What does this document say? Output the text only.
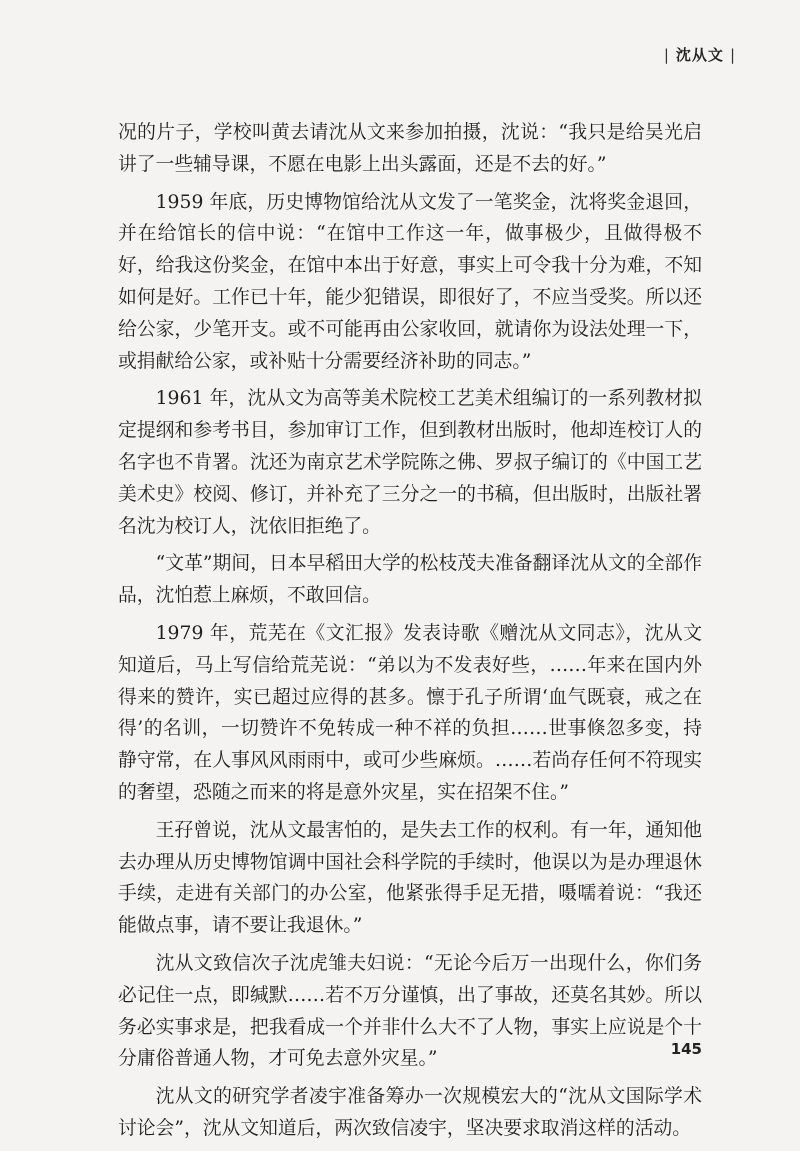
| 沈从文 |

况的片子，学校叫黄去请沈从文来参加拍摄，沈说：“我只是给吴光启讲了一些辅导课，不愿在电影上出头露面，还是不去的好。”

1959 年底，历史博物馆给沈从文发了一笔奖金，沈将奖金退回，并在给馆长的信中说：“在馆中工作这一年，做事极少，且做得极不好，给我这份奖金，在馆中本出于好意，事实上可令我十分为难，不知如何是好。工作已十年，能少犯错误，即很好了，不应当受奖。所以还给公家，少笔开支。或不可能再由公家收回，就请你为设法处理一下，或捐献给公家，或补贴十分需要经济补助的同志。”

1961 年，沈从文为高等美术院校工艺美术组编订的一系列教材拟定提纲和参考书目，参加审订工作，但到教材出版时，他却连校订人的名字也不肯署。沈还为南京艺术学院陈之佛、罗叔子编订的《中国工艺美术史》校阅、修订，并补充了三分之一的书稿，但出版时，出版社署名沈为校订人，沈依旧拒绝了。

“文革”期间，日本早稻田大学的松枝茂夫准备翻译沈从文的全部作品，沈怕惹上麻烦，不敢回信。

1979 年，荒芜在《文汇报》发表诗歌《赠沈从文同志》，沈从文知道后，马上写信给荒芜说：“弟以为不发表好些，……年来在国内外得来的赞许，实已超过应得的甚多。懔于孔子所谓‘血气既衰，戒之在得’的名训，一切赞许不免转成一种不祥的负担……世事倏忽多变，持静守常，在人事风风雨雨中，或可少些麻烦。……若尚存任何不符现实的奢望，恐随之而来的将是意外灾星，实在招架不住。”

王孖曾说，沈从文最害怕的，是失去工作的权利。有一年，通知他去办理从历史博物馆调中国社会科学院的手续时，他误以为是办理退休手续，走进有关部门的办公室，他紧张得手足无措，嗫嚅着说：“我还能做点事，请不要让我退休。”

沈从文致信次子沈虎雏夫妇说：“无论今后万一出现什么，你们务必记住一点，即缄默……若不万分谨慎，出了事故，还莫名其妙。所以务必实事求是，把我看成一个并非什么大不了人物，事实上应说是个十分庸俗普通人物，才可免去意外灾星。”

沈从文的研究学者凌宇准备筹办一次规模宏大的“沈从文国际学术讨论会”，沈从文知道后，两次致信凌宇，坚决要求取消这样的活动。

145
